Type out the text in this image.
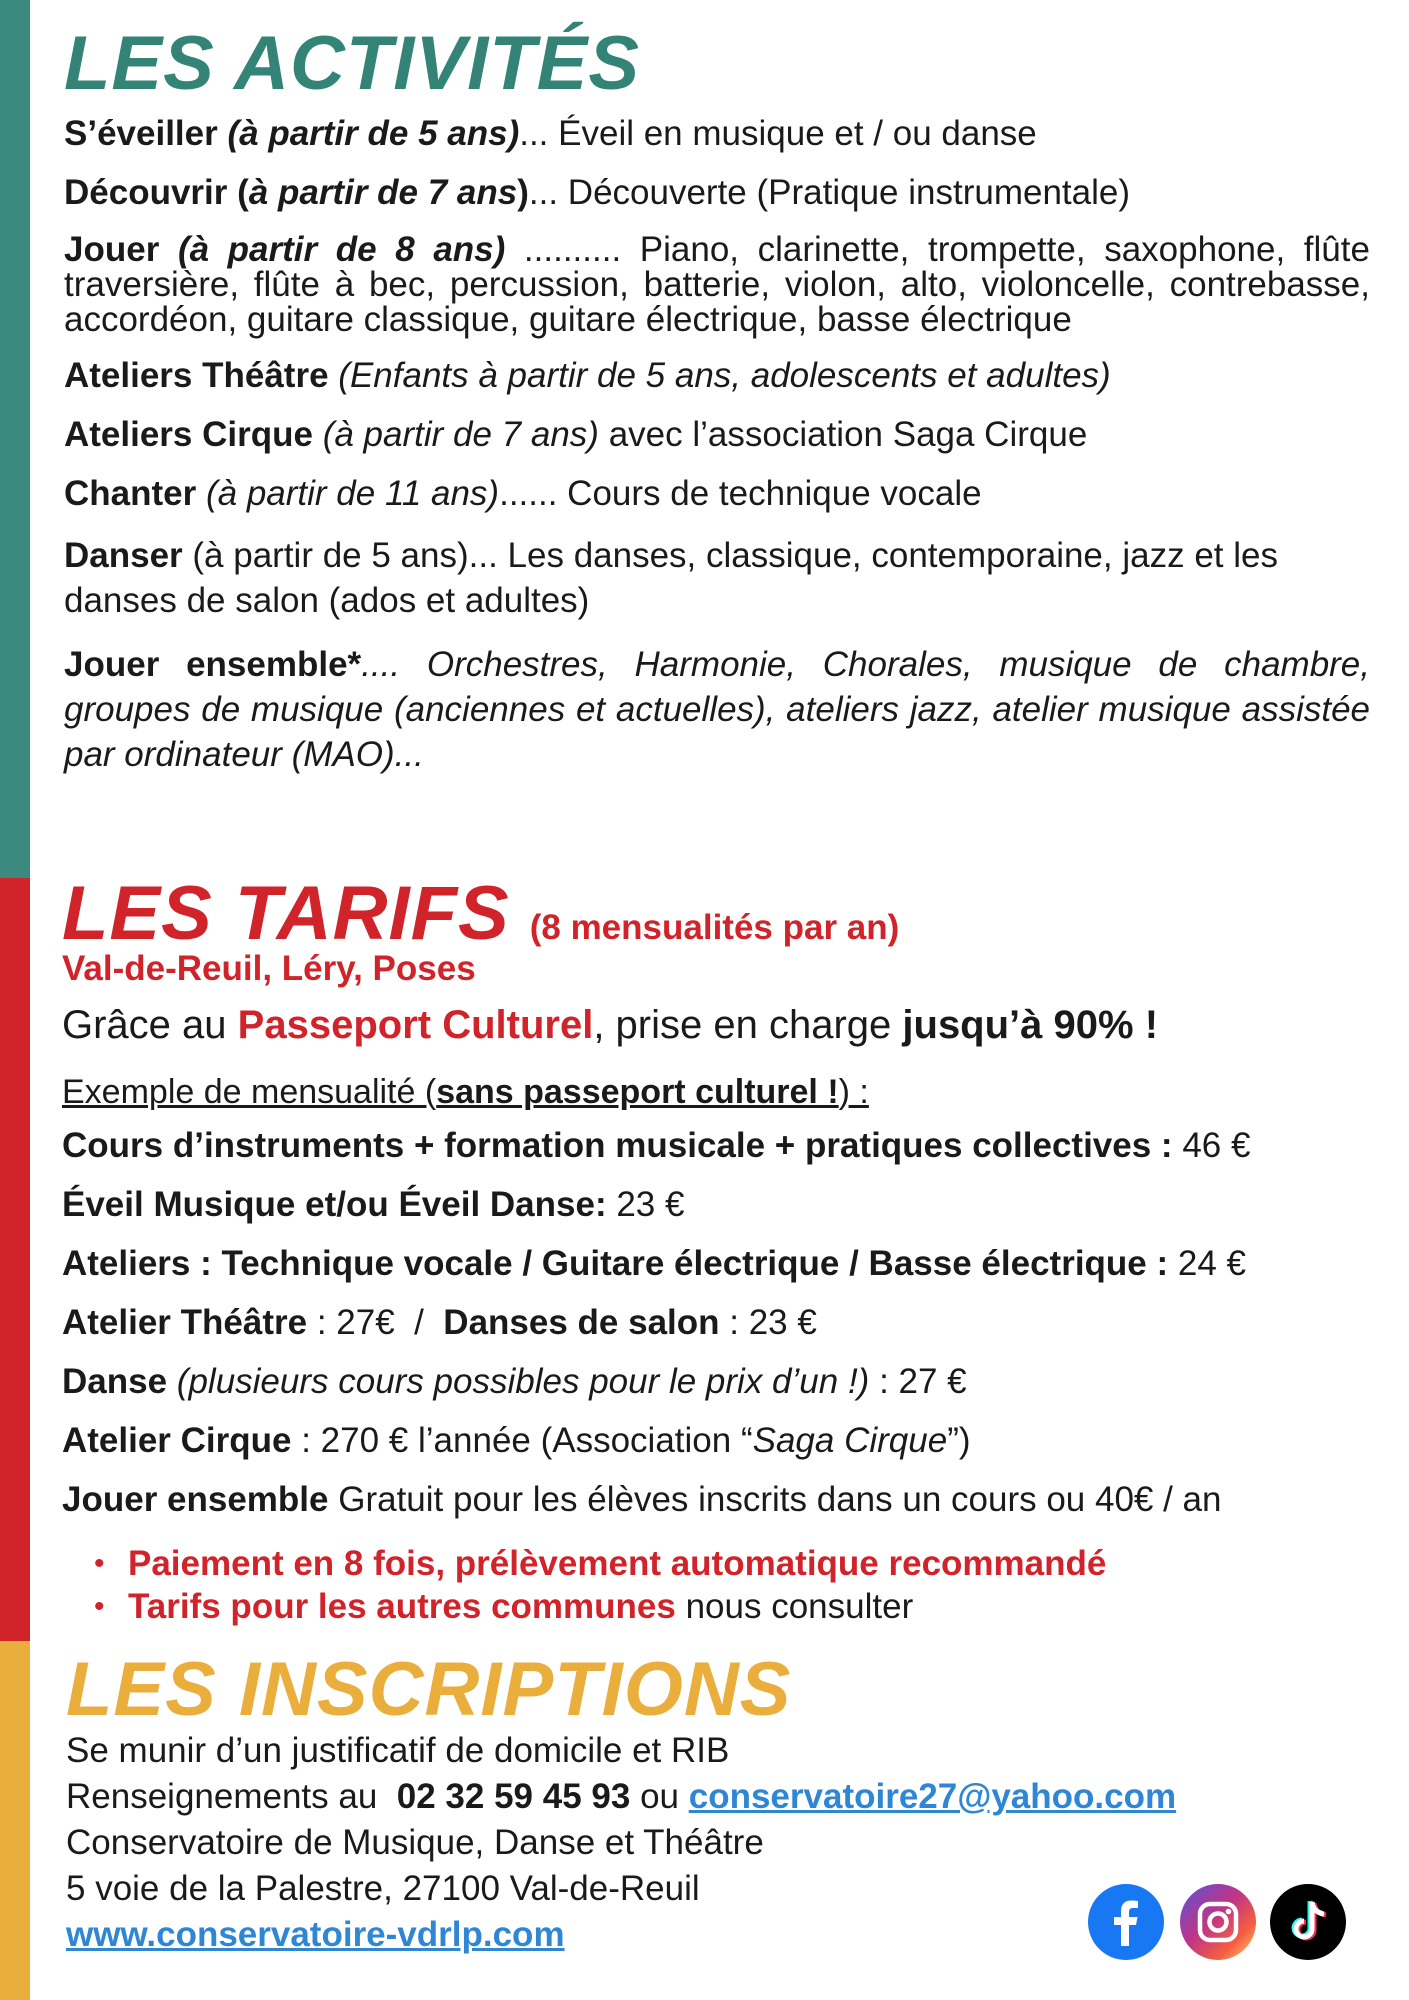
LES ACTIVITÉS

S’éveiller (à partir de 5 ans)... Éveil en musique et / ou danse

Découvrir (à partir de 7 ans)... Découverte (Pratique instrumentale)

Jouer (à partir de 8 ans) .......... Piano, clarinette, trompette, saxophone, flûte traversière, flûte à bec, percussion, batterie, violon, alto, violoncelle, contrebasse, accordéon, guitare classique, guitare électrique, basse électrique

Ateliers Théâtre (Enfants à partir de 5 ans, adolescents et adultes)

Ateliers Cirque (à partir de 7 ans) avec l’association Saga Cirque

Chanter (à partir de 11 ans)...... Cours de technique vocale

Danser (à partir de 5 ans)... Les danses, classique, contemporaine, jazz et les danses de salon (ados et adultes)

Jouer ensemble*.... Orchestres, Harmonie, Chorales, musique de chambre, groupes de musique (anciennes et actuelles), ateliers jazz, atelier musique assistée par ordinateur (MAO)...

LES TARIFS (8 mensualités par an)

Val-de-Reuil, Léry, Poses

Grâce au Passeport Culturel, prise en charge jusqu’à 90% !

Exemple de mensualité (sans passeport culturel !) :

Cours d’instruments + formation musicale + pratiques collectives : 46 €

Éveil Musique et/ou Éveil Danse: 23 €

Ateliers : Technique vocale / Guitare électrique / Basse électrique : 24 €

Atelier Théâtre : 27€  /  Danses de salon : 23 €

Danse (plusieurs cours possibles pour le prix d’un !) : 27 €

Atelier Cirque : 270 € l’année (Association “Saga Cirque”)

Jouer ensemble Gratuit pour les élèves inscrits dans un cours ou 40€ / an

• Paiement en 8 fois, prélèvement automatique recommandé
• Tarifs pour les autres communes nous consulter
LES INSCRIPTIONS

Se munir d’un justificatif de domicile et RIB

Renseignements au 02 32 59 45 93 ou conservatoire27@yahoo.com

Conservatoire de Musique, Danse et Théâtre

5 voie de la Palestre, 27100 Val-de-Reuil

www.conservatoire-vdrlp.com
